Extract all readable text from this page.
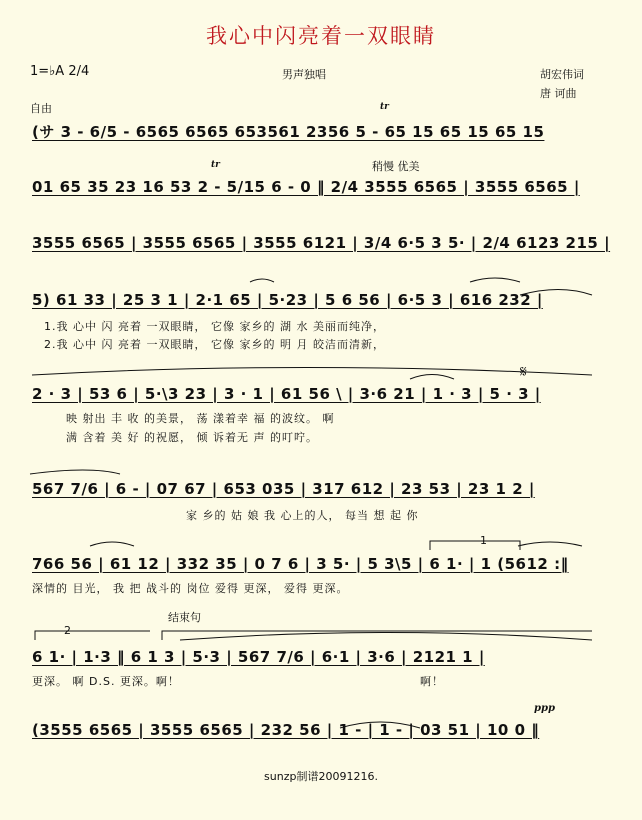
我心中闪亮着一双眼睛
1=♭A 2/4	男声独唱	胡宏伟词
唐 诃曲
自由	tr
tr	稍慢 优美
(サ 3 - 6/5 - 6565 6565 653561 2356 5 - 65 15 65 15 65 15
01 65 35 23 16 53 2 - 5/15 6 - 0 ‖ 2/4 3555 6565 | 3555 6565 |
3555 6565 | 3555 6565 | 3555 6121 | 3/4 6·5 3 5· | 2/4 6123 215 |
5) 61 33 | 25 3 1 | 2·1 65 | 5·23 | 5 6 56 | 6·5 3 | 616 232 |
1.我 心中 闪 亮着 一双眼睛， 它像 家乡的 湖 水 美丽而纯净，
2.我 心中 闪 亮着 一双眼睛， 它像 家乡的 明 月 皎洁而清新，
𝄋
2 · 3 | 53 6 | 5·\3 23 | 3 · 1 | 61 56 \ | 3·6 21 | 1 · 3 | 5 · 3 |
映 射出 丰 收 的美景， 荡 漾着幸 福 的波纹。 啊
满 含着 美 好 的祝愿， 倾 诉着无 声 的叮咛。
567 7/6 | 6 - | 07 67 | 653 035 | 317 612 | 23 53 | 23 1 2 |
家 乡的 姑 娘 我 心上的人， 每当 想 起 你
1
766 56 | 61 12 | 332 35 | 0 7 6 | 3 5· | 5 3\5 | 6 1· | 1 (5612 :‖
深情的 目光， 我 把 战斗的 岗位 爱得 更深， 爱得 更深。
结束句
2
6 1· | 1·3 ‖ 6 1 3 | 5·3 | 567 7/6 | 6·1 | 3·6 | 2121 1 |
更深。 啊 D.S. 更深。啊！	啊！
ppp
(3555 6565 | 3555 6565 | 232 56 | 1 - | 1 - | 03 51 | 10 0 ‖
sunzp制谱20091216.
